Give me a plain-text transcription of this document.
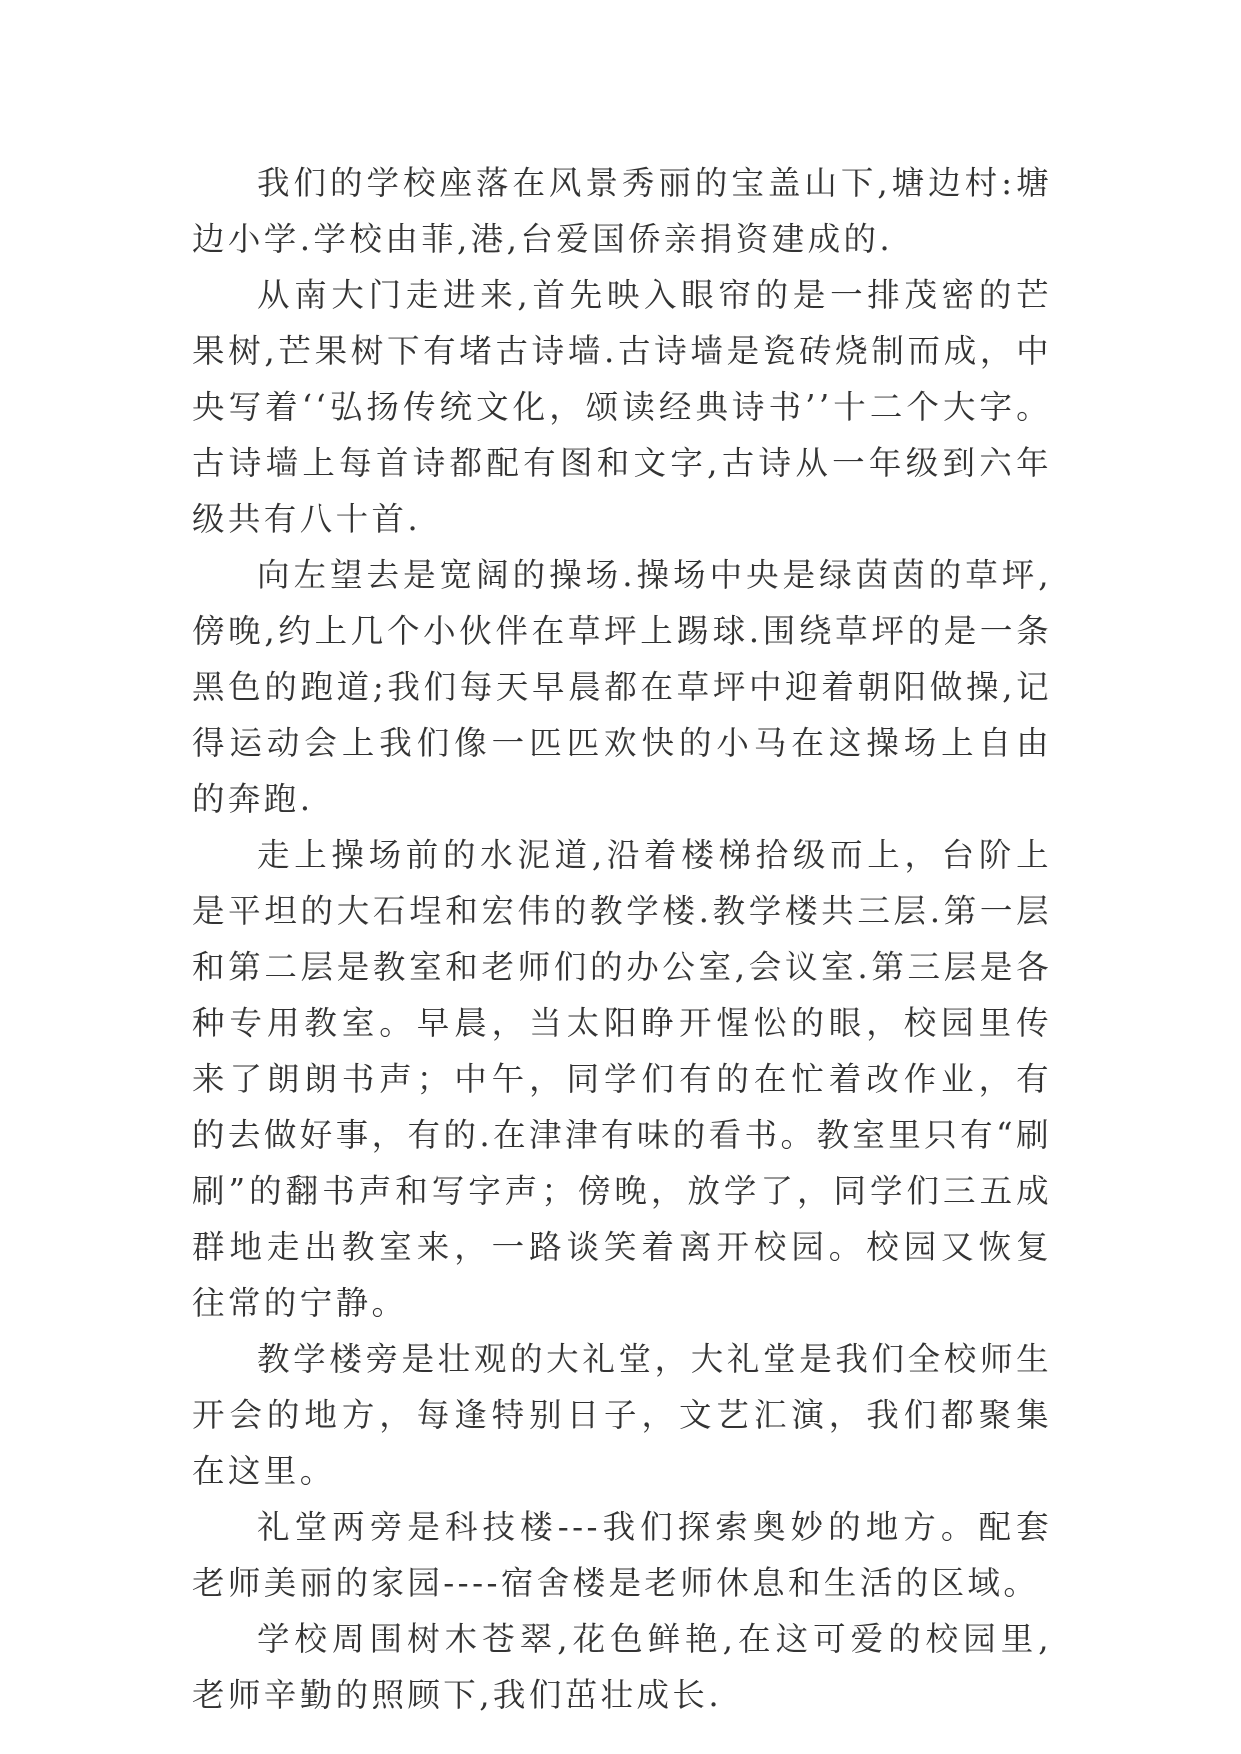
我们的学校座落在风景秀丽的宝盖山下,塘边村:塘边小学.学校由菲,港,台爱国侨亲捐资建成的.

从南大门走进来,首先映入眼帘的是一排茂密的芒果树,芒果树下有堵古诗墙.古诗墙是瓷砖烧制而成，中央写着‘‘弘扬传统文化，颂读经典诗书’’十二个大字。古诗墙上每首诗都配有图和文字,古诗从一年级到六年级共有八十首.

向左望去是宽阔的操场.操场中央是绿茵茵的草坪,傍晚,约上几个小伙伴在草坪上踢球.围绕草坪的是一条黑色的跑道;我们每天早晨都在草坪中迎着朝阳做操,记得运动会上我们像一匹匹欢快的小马在这操场上自由的奔跑.

走上操场前的水泥道,沿着楼梯拾级而上，台阶上是平坦的大石埕和宏伟的教学楼.教学楼共三层.第一层和第二层是教室和老师们的办公室,会议室.第三层是各种专用教室。早晨，当太阳睁开惺忪的眼，校园里传来了朗朗书声；中午，同学们有的在忙着改作业，有的去做好事，有的.在津津有味的看书。教室里只有“刷刷”的翻书声和写字声；傍晚，放学了，同学们三五成群地走出教室来，一路谈笑着离开校园。校园又恢复往常的宁静。

教学楼旁是壮观的大礼堂，大礼堂是我们全校师生开会的地方，每逢特别日子，文艺汇演，我们都聚集在这里。

礼堂两旁是科技楼---我们探索奥妙的地方。配套老师美丽的家园----宿舍楼是老师休息和生活的区域。

学校周围树木苍翠,花色鲜艳,在这可爱的校园里,老师辛勤的照顾下,我们茁壮成长.
